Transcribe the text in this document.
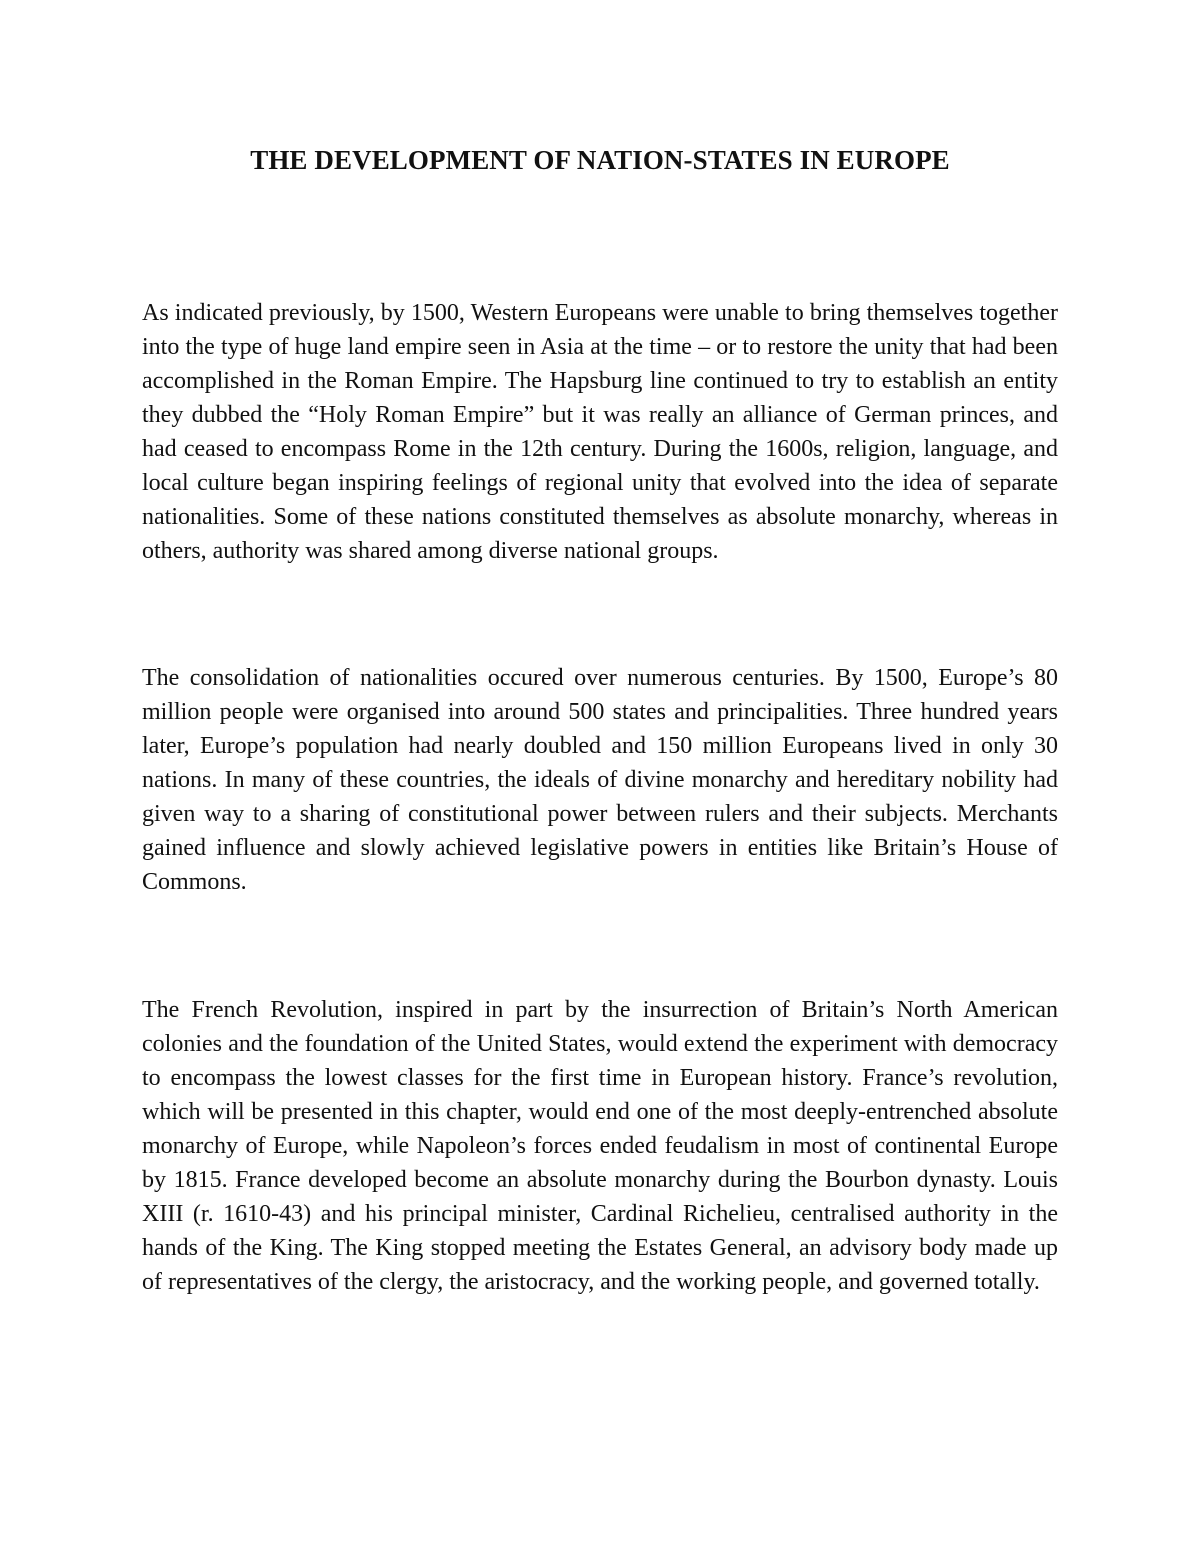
THE DEVELOPMENT OF NATION-STATES IN EUROPE

As indicated previously, by 1500, Western Europeans were unable to bring themselves together into the type of huge land empire seen in Asia at the time – or to restore the unity that had been accomplished in the Roman Empire. The Hapsburg line continued to try to establish an entity they dubbed the “Holy Roman Empire” but it was really an alliance of German princes, and had ceased to encompass Rome in the 12th century. During the 1600s, religion, language, and local culture began inspiring feelings of regional unity that evolved into the idea of separate nationalities. Some of these nations constituted themselves as absolute monarchy, whereas in others, authority was shared among diverse national groups.

The consolidation of nationalities occured over numerous centuries. By 1500, Europe’s 80 million people were organised into around 500 states and principalities. Three hundred years later, Europe’s population had nearly doubled and 150 million Europeans lived in only 30 nations. In many of these countries, the ideals of divine monarchy and hereditary nobility had given way to a sharing of constitutional power between rulers and their subjects. Merchants gained influence and slowly achieved legislative powers in entities like Britain’s House of Commons.

The French Revolution, inspired in part by the insurrection of Britain’s North American colonies and the foundation of the United States, would extend the experiment with democracy to encompass the lowest classes for the first time in European history. France’s revolution, which will be presented in this chapter, would end one of the most deeply-entrenched absolute monarchy of Europe, while Napoleon’s forces ended feudalism in most of continental Europe by 1815. France developed become an absolute monarchy during the Bourbon dynasty. Louis XIII (r. 1610-43) and his principal minister, Cardinal Richelieu, centralised authority in the hands of the King. The King stopped meeting the Estates General, an advisory body made up of representatives of the clergy, the aristocracy, and the working people, and governed totally.
